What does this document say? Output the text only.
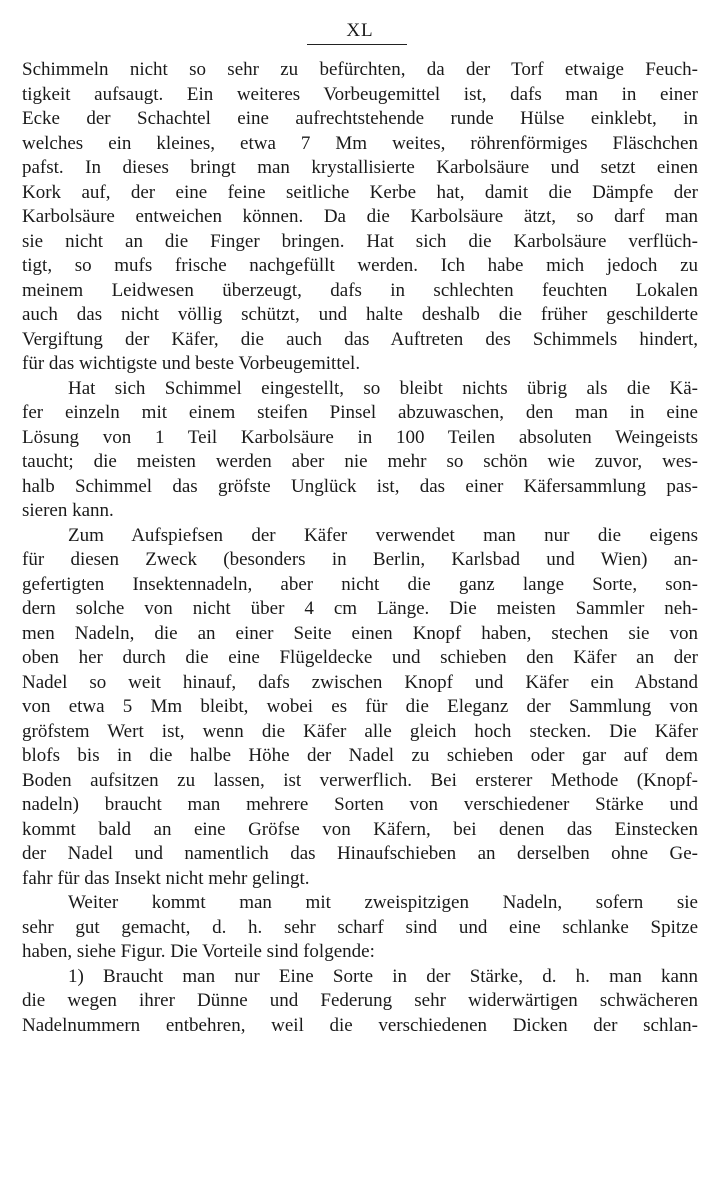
XL
Schimmeln nicht so sehr zu befürchten, da der Torf etwaige Feuch-
tigkeit aufsaugt. Ein weiteres Vorbeugemittel ist, dafs man in einer
Ecke der Schachtel eine aufrechtstehende runde Hülse einklebt, in
welches ein kleines, etwa 7 Mm weites, röhrenförmiges Fläschchen
pafst. In dieses bringt man krystallisierte Karbolsäure und setzt einen
Kork auf, der eine feine seitliche Kerbe hat, damit die Dämpfe der
Karbolsäure entweichen können. Da die Karbolsäure ätzt, so darf man
sie nicht an die Finger bringen. Hat sich die Karbolsäure verflüch-
tigt, so mufs frische nachgefüllt werden. Ich habe mich jedoch zu
meinem Leidwesen überzeugt, dafs in schlechten feuchten Lokalen
auch das nicht völlig schützt, und halte deshalb die früher geschilderte
Vergiftung der Käfer, die auch das Auftreten des Schimmels hindert,
für das wichtigste und beste Vorbeugemittel.
Hat sich Schimmel eingestellt, so bleibt nichts übrig als die Kä-
fer einzeln mit einem steifen Pinsel abzuwaschen, den man in eine
Lösung von 1 Teil Karbolsäure in 100 Teilen absoluten Weingeists
taucht; die meisten werden aber nie mehr so schön wie zuvor, wes-
halb Schimmel das gröfste Unglück ist, das einer Käfersammlung pas-
sieren kann.
Zum Aufspiefsen der Käfer verwendet man nur die eigens
für diesen Zweck (besonders in Berlin, Karlsbad und Wien) an-
gefertigten Insektennadeln, aber nicht die ganz lange Sorte, son-
dern solche von nicht über 4 cm Länge. Die meisten Sammler neh-
men Nadeln, die an einer Seite einen Knopf haben, stechen sie von
oben her durch die eine Flügeldecke und schieben den Käfer an der
Nadel so weit hinauf, dafs zwischen Knopf und Käfer ein Abstand
von etwa 5 Mm bleibt, wobei es für die Eleganz der Sammlung von
gröfstem Wert ist, wenn die Käfer alle gleich hoch stecken. Die Käfer
blofs bis in die halbe Höhe der Nadel zu schieben oder gar auf dem
Boden aufsitzen zu lassen, ist verwerflich. Bei ersterer Methode (Knopf-
nadeln) braucht man mehrere Sorten von verschiedener Stärke und
kommt bald an eine Gröfse von Käfern, bei denen das Einstecken
der Nadel und namentlich das Hinaufschieben an derselben ohne Ge-
fahr für das Insekt nicht mehr gelingt.
Weiter kommt man mit zweispitzigen Nadeln, sofern sie
sehr gut gemacht, d. h. sehr scharf sind und eine schlanke Spitze
haben, siehe Figur. Die Vorteile sind folgende:
1) Braucht man nur Eine Sorte in der Stärke, d. h. man kann
die wegen ihrer Dünne und Federung sehr widerwärtigen schwächeren
Nadelnummern entbehren, weil die verschiedenen Dicken der schlan-
